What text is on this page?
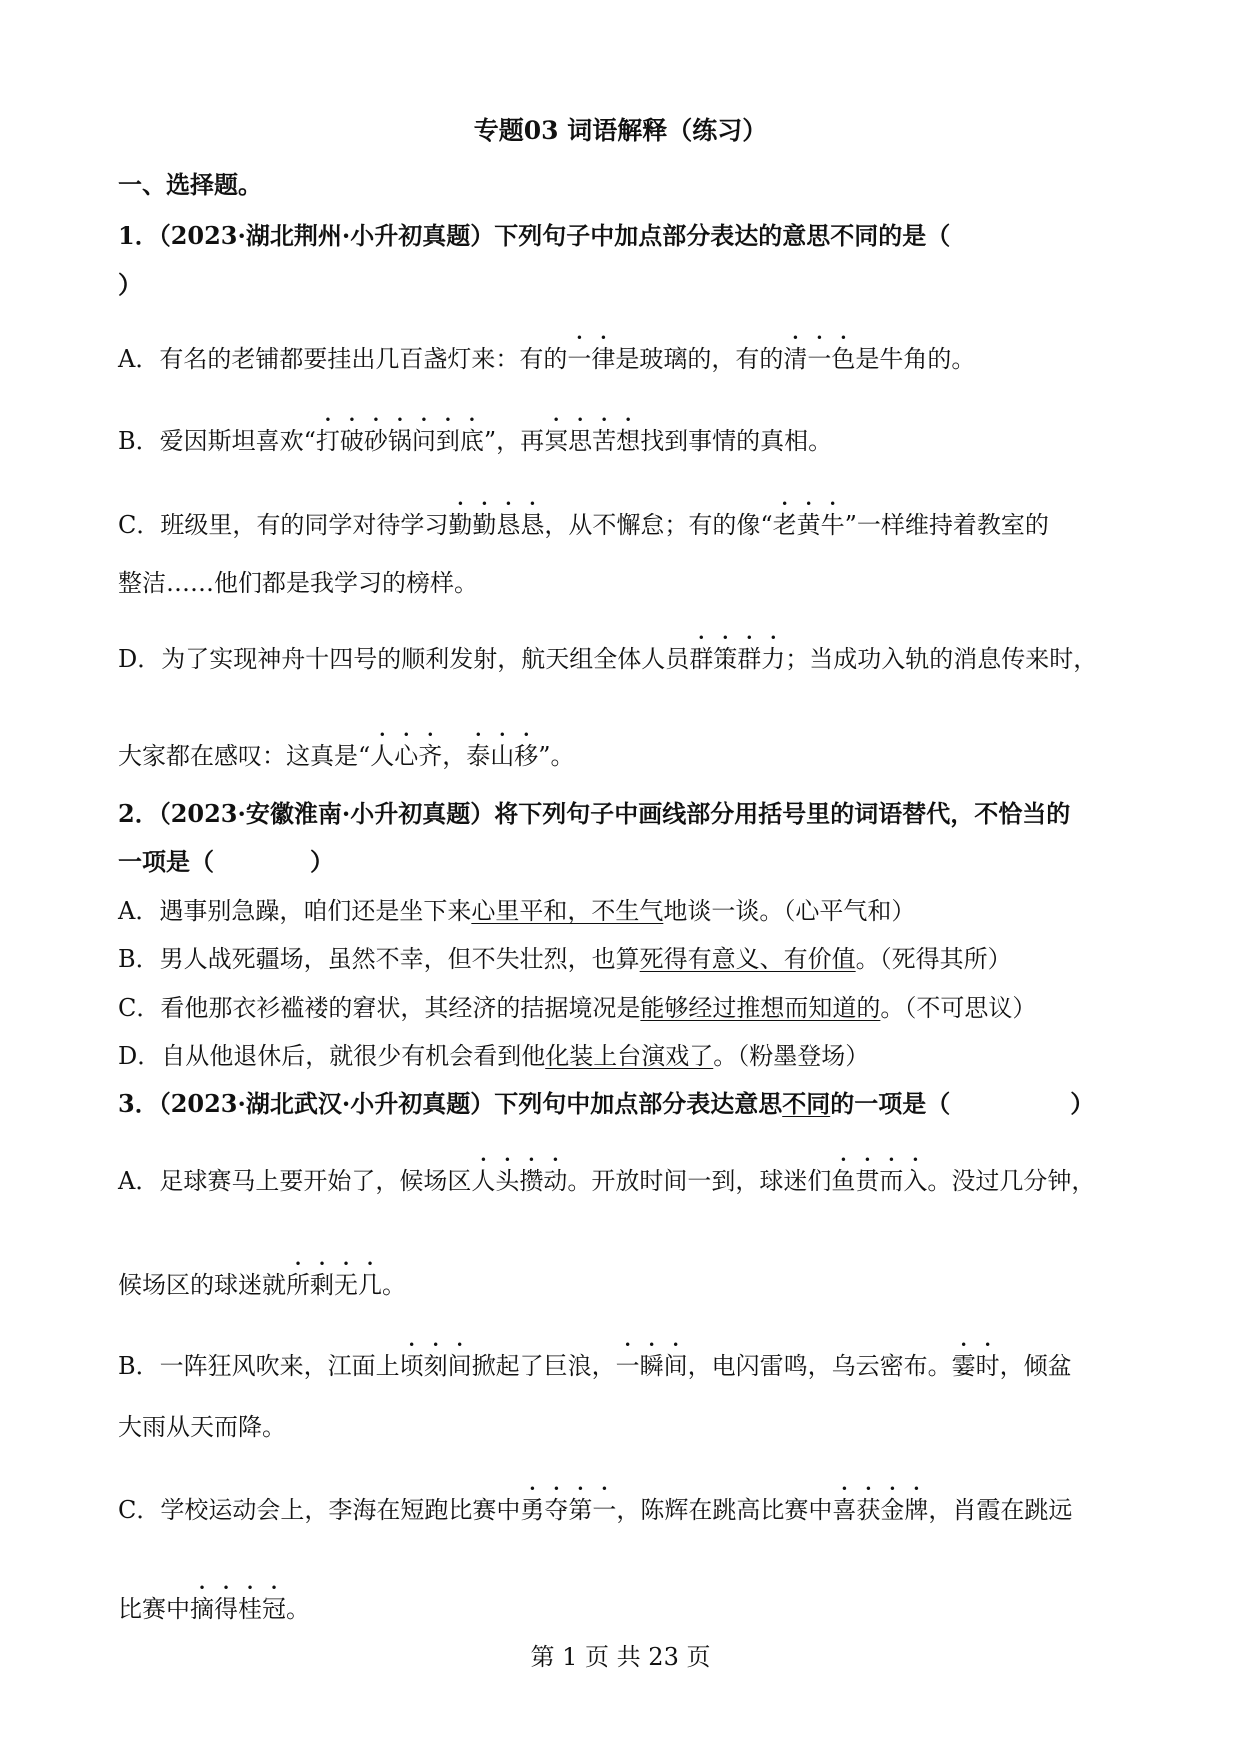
专题03 词语解释（练习）
一、选择题。
1．（2023·湖北荆州·小升初真题）下列句子中加点部分表达的意思不同的是（
）
A．有名的老铺都要挂出几百盏灯来：有的一律是玻璃的，有的清一色是牛角的。
B．爱因斯坦喜欢“打破砂锅问到底”，再冥思苦想找到事情的真相。
C．班级里，有的同学对待学习勤勤恳恳，从不懈怠；有的像“老黄牛”一样维持着教室的
整洁……他们都是我学习的榜样。
D．为了实现神舟十四号的顺利发射，航天组全体人员群策群力；当成功入轨的消息传来时，
大家都在感叹：这真是“人心齐，泰山移”。
2．（2023·安徽淮南·小升初真题）将下列句子中画线部分用括号里的词语替代，不恰当的
一项是（　　　　）
A．遇事别急躁，咱们还是坐下来心里平和，不生气地谈一谈。（心平气和）
B．男人战死疆场，虽然不幸，但不失壮烈，也算死得有意义、有价值。（死得其所）
C．看他那衣衫褴褛的窘状，其经济的拮据境况是能够经过推想而知道的。（不可思议）
D．自从他退休后，就很少有机会看到他化装上台演戏了。（粉墨登场）
3．（2023·湖北武汉·小升初真题）下列句中加点部分表达意思不同的一项是（　　　　　）
A．足球赛马上要开始了，候场区人头攒动。开放时间一到，球迷们鱼贯而入。没过几分钟，
候场区的球迷就所剩无几。
B．一阵狂风吹来，江面上顷刻间掀起了巨浪，一瞬间，电闪雷鸣，乌云密布。霎时，倾盆
大雨从天而降。
C．学校运动会上，李海在短跑比赛中勇夺第一，陈辉在跳高比赛中喜获金牌，肖霞在跳远
比赛中摘得桂冠。
第 1 页 共 23 页
